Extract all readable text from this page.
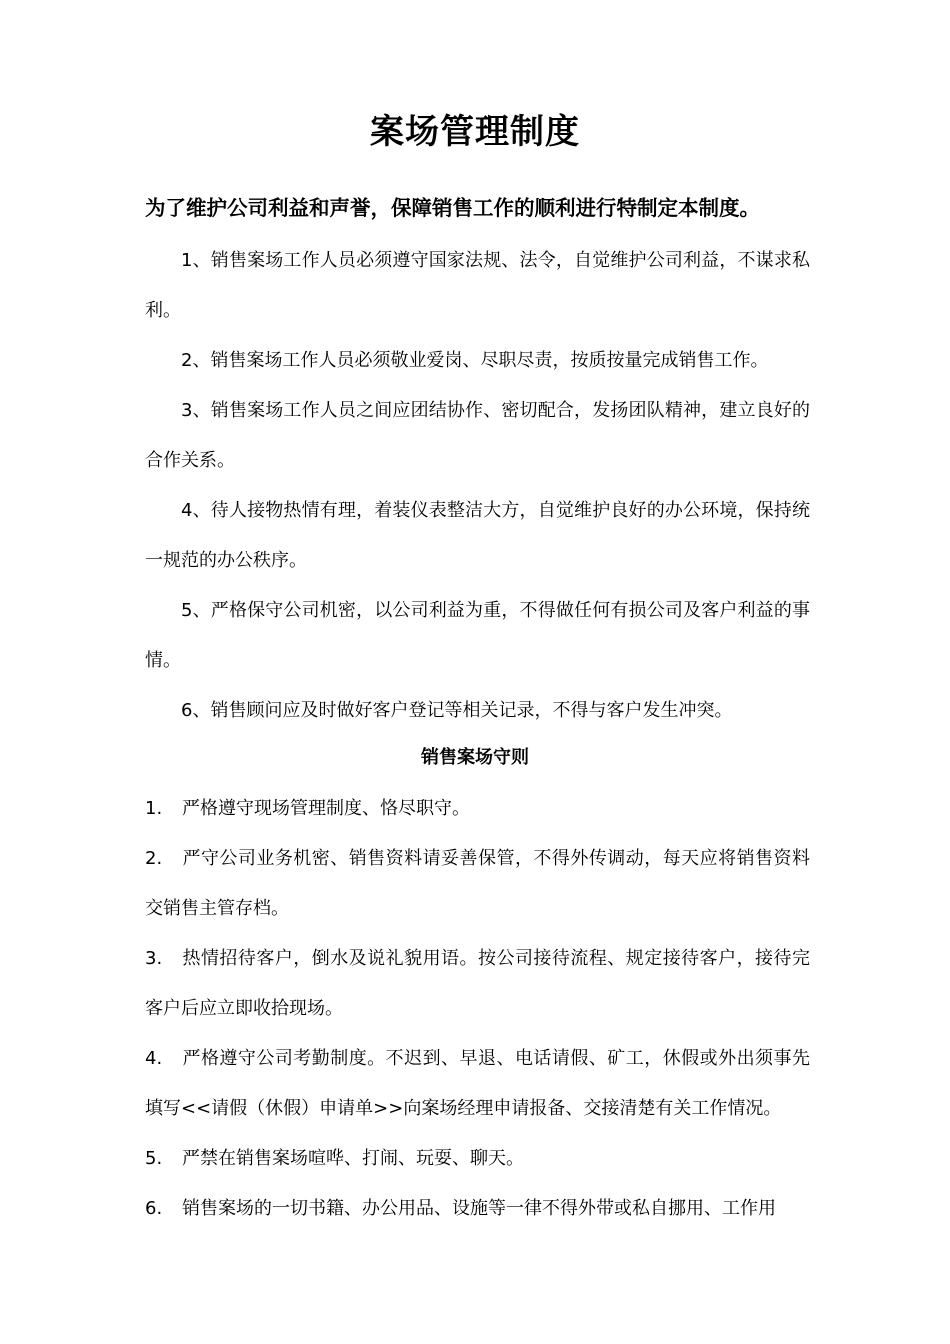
案场管理制度
为了维护公司利益和声誉，保障销售工作的顺利进行特制定本制度。

1、销售案场工作人员必须遵守国家法规、法令，自觉维护公司利益，不谋求私利。

2、销售案场工作人员必须敬业爱岗、尽职尽责，按质按量完成销售工作。

3、销售案场工作人员之间应团结协作、密切配合，发扬团队精神，建立良好的合作关系。

4、待人接物热情有理，着装仪表整洁大方，自觉维护良好的办公环境，保持统一规范的办公秩序。

5、严格保守公司机密，以公司利益为重，不得做任何有损公司及客户利益的事情。

6、销售顾问应及时做好客户登记等相关记录，不得与客户发生冲突。

销售案场守则

1. 严格遵守现场管理制度、恪尽职守。

2. 严守公司业务机密、销售资料请妥善保管，不得外传调动，每天应将销售资料交销售主管存档。

3. 热情招待客户，倒水及说礼貌用语。按公司接待流程、规定接待客户，接待完客户后应立即收拾现场。

4. 严格遵守公司考勤制度。不迟到、早退、电话请假、矿工，休假或外出须事先填写<<请假（休假）申请单>>向案场经理申请报备、交接清楚有关工作情况。

5. 严禁在销售案场喧哗、打闹、玩耍、聊天。

6. 销售案场的一切书籍、办公用品、设施等一律不得外带或私自挪用、工作用
